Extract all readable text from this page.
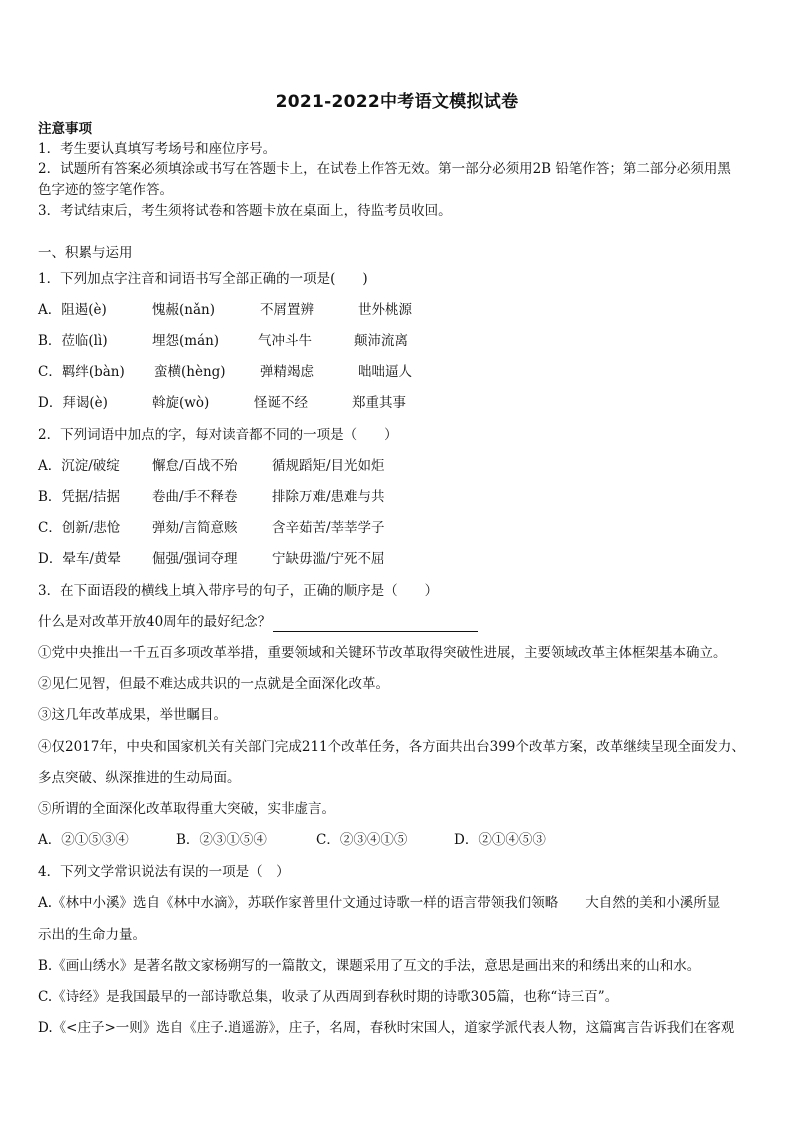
2021-2022中考语文模拟试卷
注意事项
1．考生要认真填写考场号和座位序号。
2．试题所有答案必须填涂或书写在答题卡上，在试卷上作答无效。第一部分必须用2B 铅笔作答；第二部分必须用黑
色字迹的签字笔作答。
3．考试结束后，考生须将试卷和答题卡放在桌面上，待监考员收回。
一、积累与运用
1．下列加点字注音和词语书写全部正确的一项是(　　)
A．阻遏(è)	愧赧(nǎn)	不屑置辨	世外桃源
B．莅临(lì)	埋怨(mán)	气冲斗牛	颠沛流离
C．羁绊(bàn) 蛮横(hèng)	弹精竭虑	咄咄逼人
D．拜谒(è)	斡旋(wò)	怪诞不经	郑重其事
2．下列词语中加点的字，每对读音都不同的一项是（　　）
A．沉淀/破绽 懈怠/百战不殆	循规蹈矩/目光如炬
B．凭据/拮据 卷曲/手不释卷	排除万难/患难与共
C．创新/悲怆 弹劾/言简意赅	含辛茹苦/莘莘学子
D．晕车/黄晕 倔强/强词夺理	宁缺毋滥/宁死不屈
3．在下面语段的横线上填入带序号的句子，正确的顺序是（　　）
什么是对改革开放40周年的最好纪念？
①党中央推出一千五百多项改革举措，重要领域和关键环节改革取得突破性进展，主要领域改革主体框架基本确立。
②见仁见智，但最不难达成共识的一点就是全面深化改革。
③这几年改革成果，举世瞩目。
④仅2017年，中央和国家机关有关部门完成211个改革任务，各方面共出台399个改革方案，改革继续呈现全面发力、
多点突破、纵深推进的生动局面。
⑤所谓的全面深化改革取得重大突破，实非虚言。
A．②①⑤③④	B．②③①⑤④	C．②③④①⑤	D．②①④⑤③
4．下列文学常识说法有误的一项是（　）
A.《林中小溪》选自《林中水滴》，苏联作家普里什文通过诗歌一样的语言带领我们领略　　大自然的美和小溪所显
示出的生命力量。
B.《画山绣水》是著名散文家杨朔写的一篇散文，课题采用了互文的手法，意思是画出来的和绣出来的山和水。
C.《诗经》是我国最早的一部诗歌总集，收录了从西周到春秋时期的诗歌305篇，也称“诗三百”。
D.《<庄子>一则》选自《庄子.逍遥游》，庄子，名周，春秋时宋国人，道家学派代表人物，这篇寓言告诉我们在客观
